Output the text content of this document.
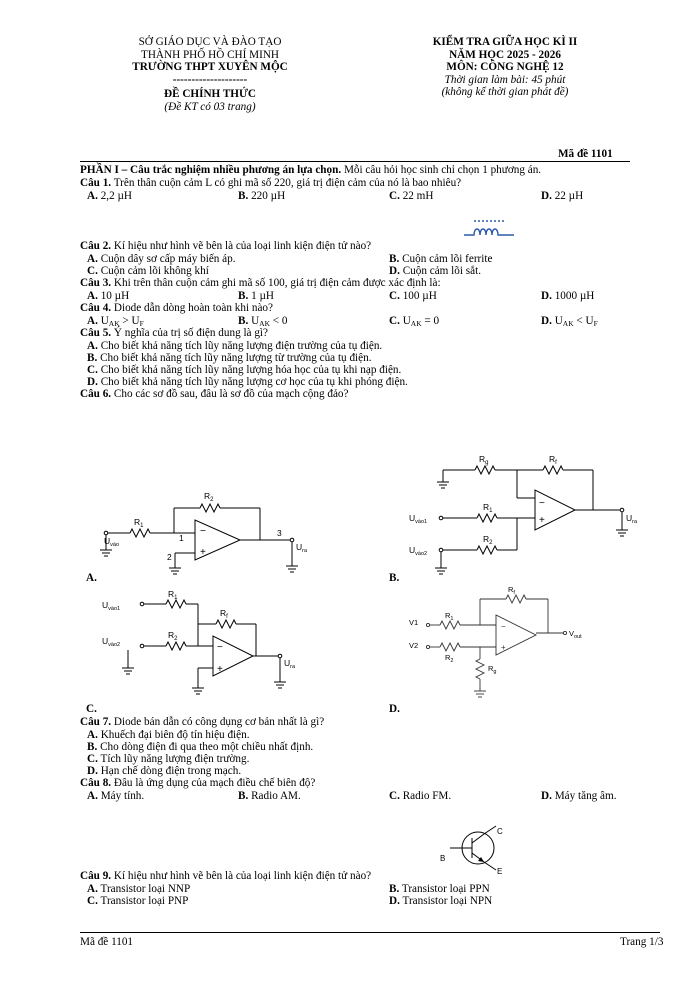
SỞ GIÁO DỤC VÀ ĐÀO TẠO
THÀNH PHỐ HỒ CHÍ MINH
TRƯỜNG THPT XUYÊN MỘC
--------------------
ĐỀ CHÍNH THỨC
(Đề KT có 03 trang)
KIỂM TRA GIỮA HỌC KÌ II
NĂM HỌC 2025 - 2026
MÔN: CÔNG NGHỆ 12
Thời gian làm bài: 45 phút
(không kể thời gian phát đề)
Mã đề 1101
PHẦN I – Câu trắc nghiệm nhiều phương án lựa chọn. Mỗi câu hỏi học sinh chỉ chọn 1 phương án.
Câu 1. Trên thân cuộn cảm L có ghi mã số 220, giá trị điện cảm của nó là bao nhiêu?
A. 2,2 µH	B. 220 µH	C. 22 mH	D. 22 µH
Câu 2. Kí hiệu như hình vẽ bên là của loại linh kiện điện tử nào?
A. Cuộn dây sơ cấp máy biến áp.	B. Cuộn cảm lõi ferrite
C. Cuộn cảm lõi không khí	D. Cuộn cảm lõi sắt.
Câu 3. Khi trên thân cuộn cảm ghi mã số 100, giá trị điện cảm được xác định là:
A. 10 µH	B. 1 µH	C. 100 µH	D. 1000 µH
Câu 4. Diode dẫn dòng hoàn toàn khi nào?
A. $U_{AK} > U_F$	B. $U_{AK} < 0$	C. $U_{AK} = 0$	D. $U_{AK} < U_F$
Câu 5. Ý nghĩa của trị số điện dung là gì?
A. Cho biết khả năng tích lũy năng lượng điện trường của tụ điện.
B. Cho biết khả năng tích lũy năng lượng từ trường của tụ điện.
C. Cho biết khả năng tích lũy năng lượng hóa học của tụ khi nạp điện.
D. Cho biết khả năng tích lũy năng lượng cơ học của tụ khi phóng điện.
Câu 6. Cho các sơ đồ sau, đâu là sơ đồ của mạch cộng đảo?
−
+
$R_1$
$R_2$
1
2
3
$U_{vào}$	$U_{ra}$
A.
−
+
$R_g$	$R_f$
$R_1$
$R_2$
$U_{vào1}$
$U_{vào2}$
$U_{ra}$
B.
−
+
$R_1$
$R_2$
$R_f$
$U_{vào1}$
$U_{vào2}$
$U_{ra}$
C.
−
+
V1
V2
$R_1$
$R_2$
$R_f$
$R_g$
$V_{out}$
D.
Câu 7. Diode bán dẫn có công dụng cơ bản nhất là gì?
A. Khuếch đại biên độ tín hiệu điện.
B. Cho dòng điện đi qua theo một chiều nhất định.
C. Tích lũy năng lượng điện trường.
D. Hạn chế dòng điện trong mạch.
Câu 8. Đâu là ứng dụng của mạch điều chế biên độ?
A. Máy tính.	B. Radio AM.	C. Radio FM.	D. Máy tăng âm.
B
C
E
Câu 9. Kí hiệu như hình vẽ bên là của loại linh kiện điện tử nào?
A. Transistor loại NNP	B. Transistor loại PPN
C. Transistor loại PNP	D. Transistor loại NPN
Mã đề 1101	Trang 1/3
